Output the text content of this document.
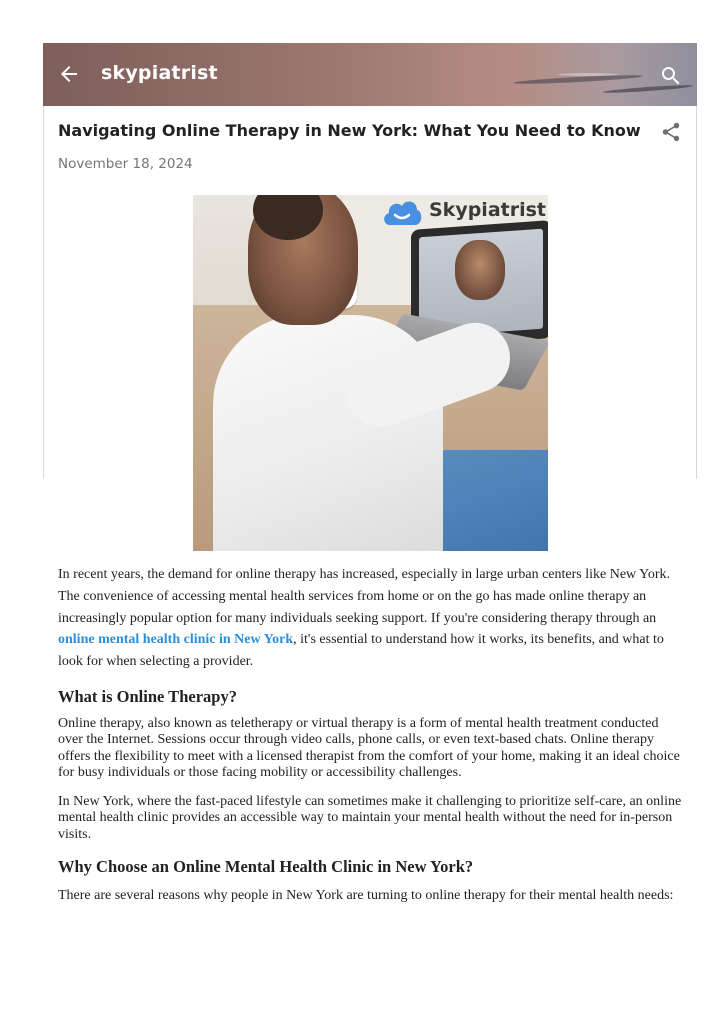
skypiatrist
Navigating Online Therapy in New York: What You Need to Know
November 18, 2024
Skypiatrist

In recent years, the demand for online therapy has increased, especially in large urban centers like New York. The convenience of accessing mental health services from home or on the go has made online therapy an increasingly popular option for many individuals seeking support. If you're considering therapy through an online mental health clinic in New York, it's essential to understand how it works, its benefits, and what to look for when selecting a provider.

What is Online Therapy?

Online therapy, also known as teletherapy or virtual therapy is a form of mental health treatment conducted over the Internet. Sessions occur through video calls, phone calls, or even text-based chats. Online therapy offers the flexibility to meet with a licensed therapist from the comfort of your home, making it an ideal choice for busy individuals or those facing mobility or accessibility challenges.

In New York, where the fast-paced lifestyle can sometimes make it challenging to prioritize self-care, an online mental health clinic provides an accessible way to maintain your mental health without the need for in-person visits.

Why Choose an Online Mental Health Clinic in New York?

There are several reasons why people in New York are turning to online therapy for their mental health needs:
